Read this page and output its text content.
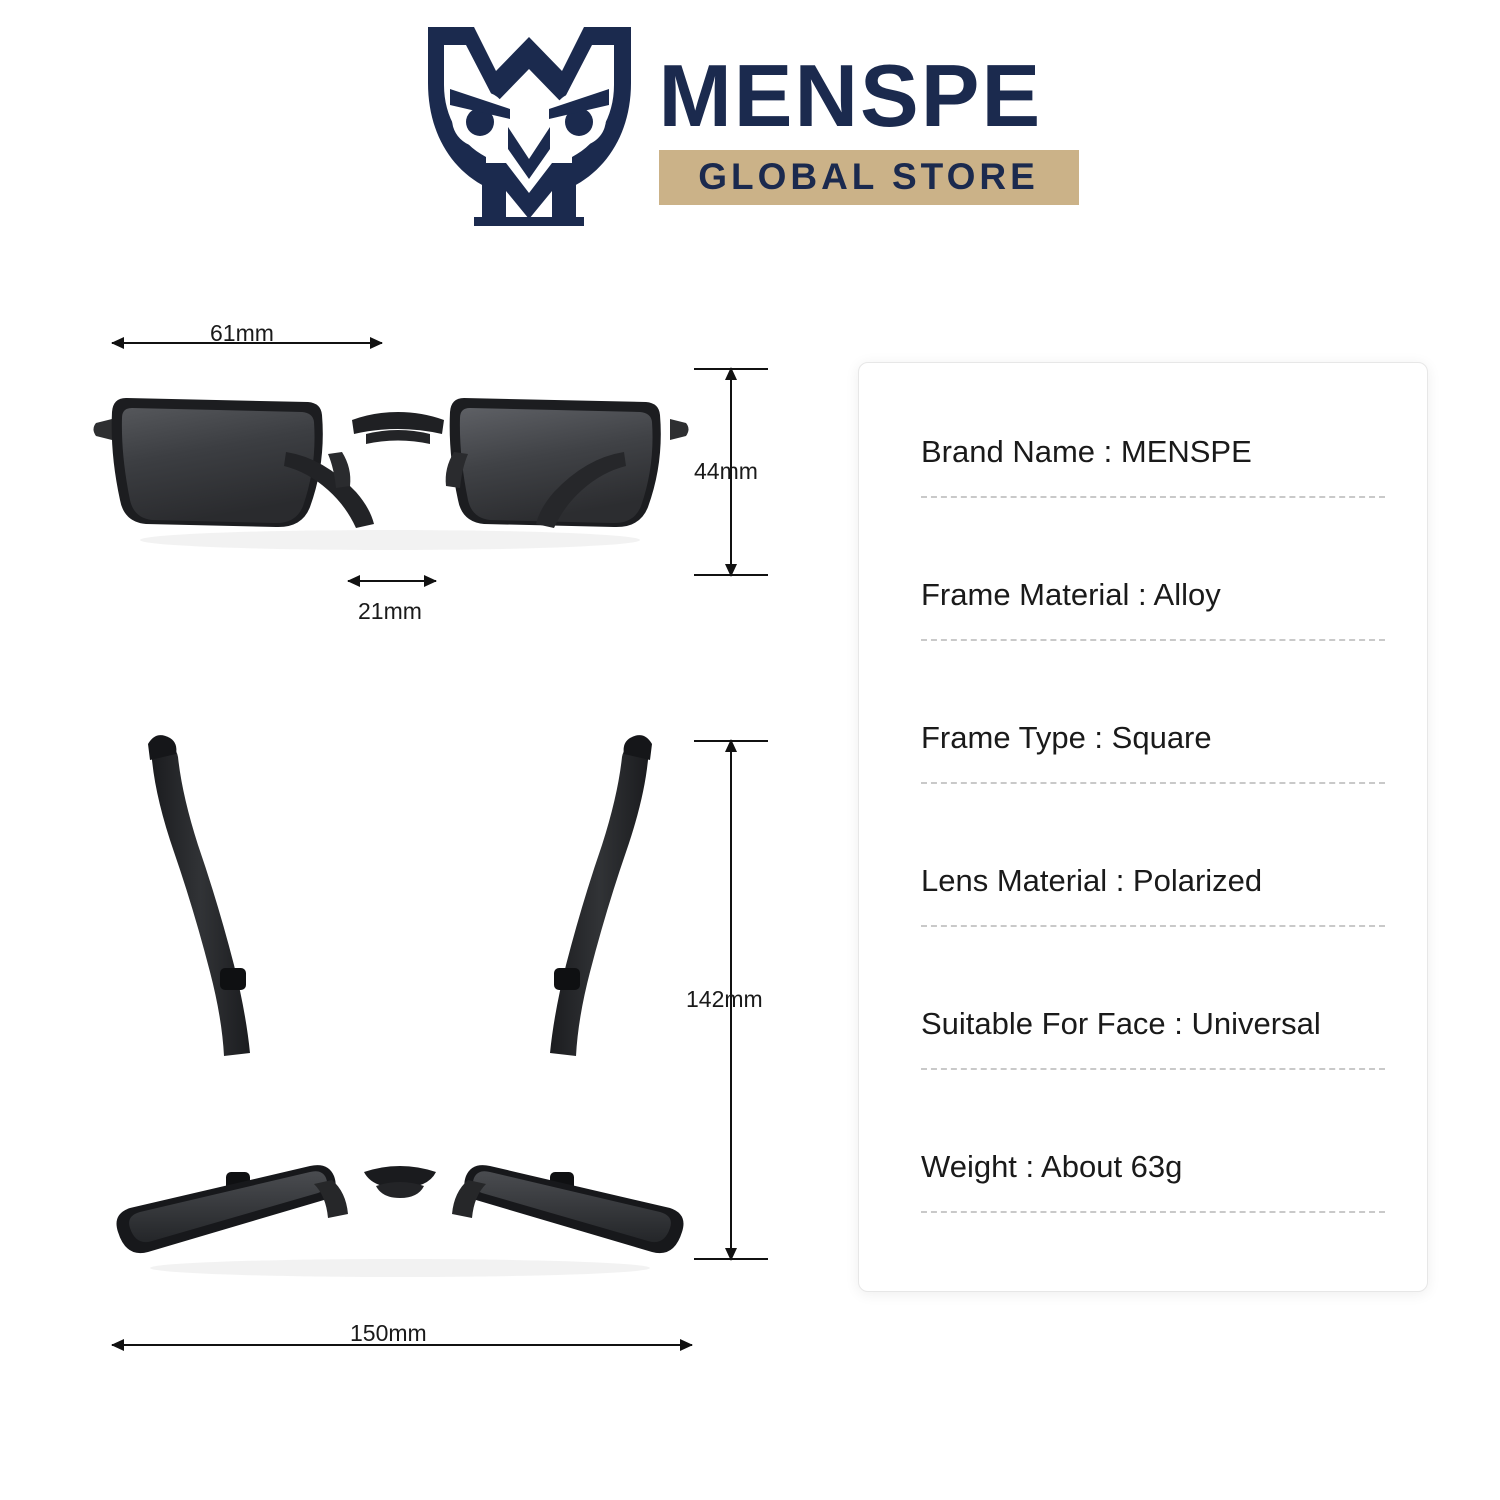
MENSPE
GLOBAL STORE
61mm
44mm
21mm
142mm
150mm
Brand Name : MENSPE
Frame Material : Alloy
Frame Type : Square
Lens Material : Polarized
Suitable For Face : Universal
Weight : About 63g
